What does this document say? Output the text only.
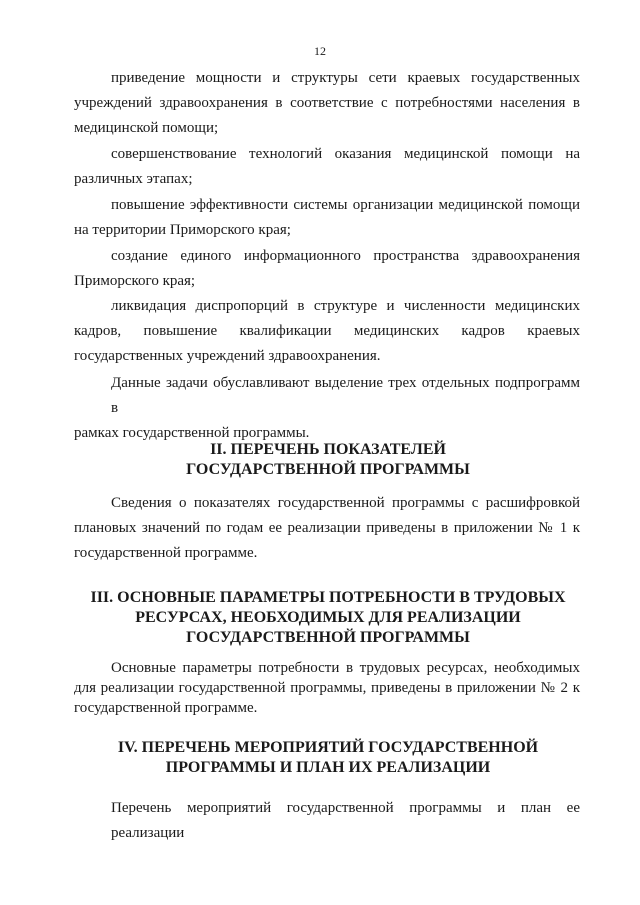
12
приведение мощности и структуры сети краевых государственных
учреждений здравоохранения в соответствие с потребностями населения в
медицинской помощи;
совершенствование технологий оказания медицинской помощи на
различных этапах;
повышение эффективности системы организации медицинской помощи
на территории Приморского края;
создание единого информационного пространства здравоохранения
Приморского края;
ликвидация диспропорций в структуре и численности медицинских
кадров, повышение квалификации медицинских кадров краевых
государственных учреждений здравоохранения.
Данные задачи обуславливают выделение трех отдельных подпрограмм в
рамках государственной программы.
II. ПЕРЕЧЕНЬ ПОКАЗАТЕЛЕЙ
ГОСУДАРСТВЕННОЙ ПРОГРАММЫ
Сведения о показателях государственной программы с расшифровкой
плановых значений по годам ее реализации приведены в приложении № 1 к
государственной программе.
III. ОСНОВНЫЕ ПАРАМЕТРЫ ПОТРЕБНОСТИ В ТРУДОВЫХ
РЕСУРСАХ, НЕОБХОДИМЫХ ДЛЯ РЕАЛИЗАЦИИ
ГОСУДАРСТВЕННОЙ ПРОГРАММЫ
Основные параметры потребности в трудовых ресурсах, необходимых
для реализации государственной программы, приведены в приложении № 2 к
государственной программе.
IV. ПЕРЕЧЕНЬ МЕРОПРИЯТИЙ ГОСУДАРСТВЕННОЙ
ПРОГРАММЫ И ПЛАН ИХ РЕАЛИЗАЦИИ
Перечень мероприятий государственной программы и план ее реализации
